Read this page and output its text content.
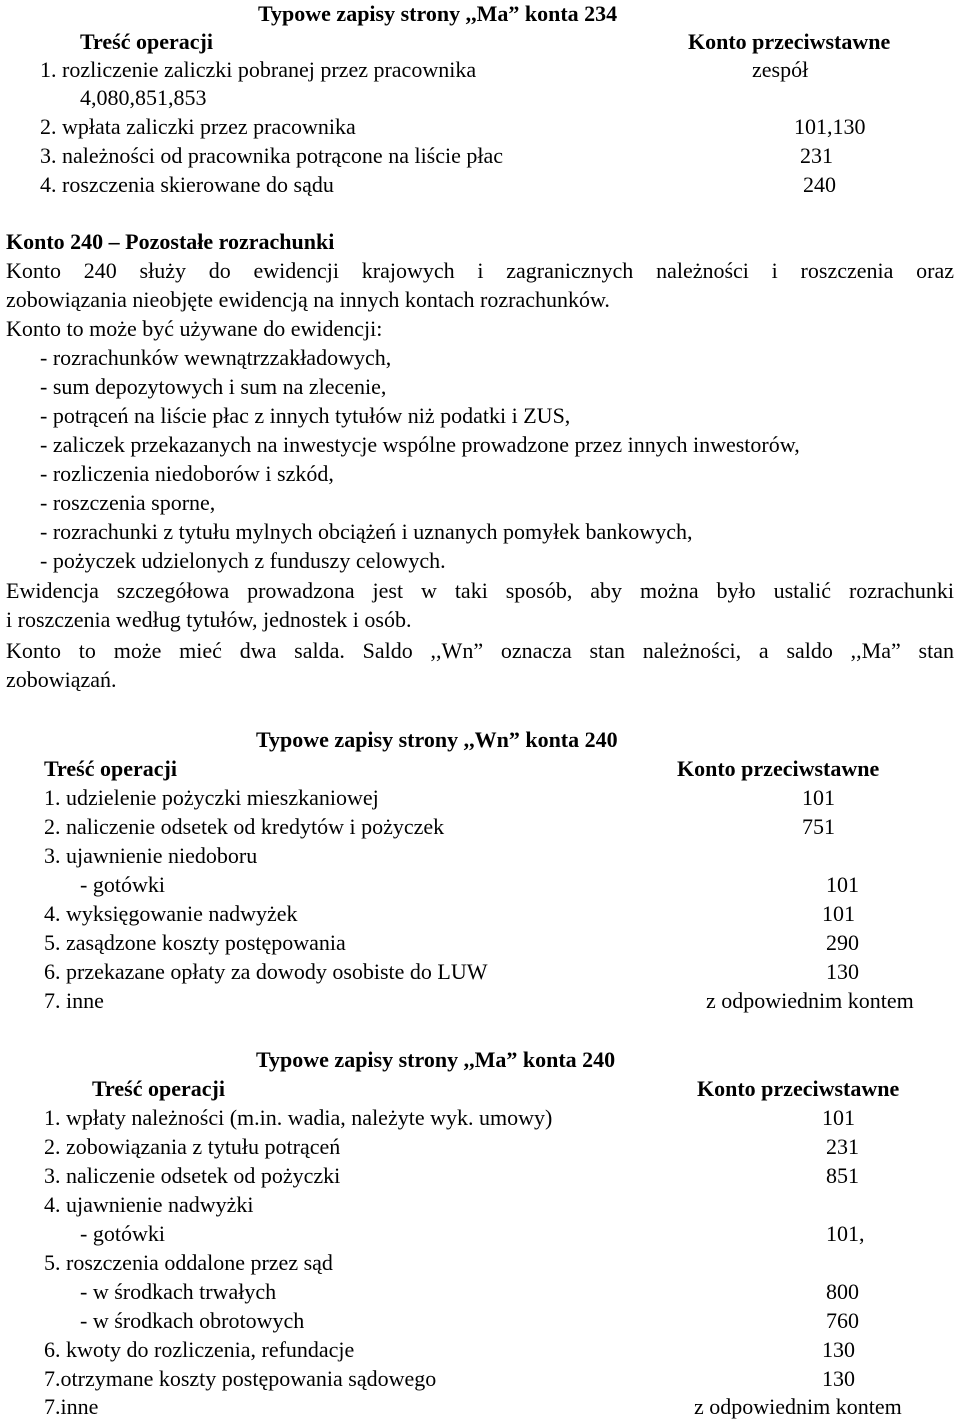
Typowe zapisy strony ,,Ma” konta 234
Treść operacji	Konto przeciwstawne
1. rozliczenie zaliczki pobranej przez pracownika	zespół
4,080,851,853
2. wpłata zaliczki przez pracownika	101,130
3. należności od pracownika potrącone na liście płac	231
4. roszczenia skierowane do sądu	240
Konto 240 – Pozostałe rozrachunki
Konto 240 służy do ewidencji krajowych i zagranicznych należności i roszczenia oraz
zobowiązania nieobjęte ewidencją na innych kontach rozrachunków.
Konto to może być używane do ewidencji:
- rozrachunków wewnątrzzakładowych,
- sum depozytowych i sum na zlecenie,
- potrąceń na liście płac z innych tytułów niż podatki i ZUS,
- zaliczek przekazanych na inwestycje wspólne prowadzone przez innych inwestorów,
- rozliczenia niedoborów i szkód,
- roszczenia sporne,
- rozrachunki z tytułu mylnych obciążeń i uznanych pomyłek bankowych,
- pożyczek udzielonych z funduszy celowych.
Ewidencja szczegółowa prowadzona jest w taki sposób, aby można było ustalić rozrachunki
i roszczenia według tytułów, jednostek i osób.
Konto to może mieć dwa salda. Saldo ,,Wn” oznacza stan należności, a saldo ,,Ma” stan
zobowiązań.
Typowe zapisy strony ,,Wn” konta 240
Treść operacji	Konto przeciwstawne
1. udzielenie pożyczki mieszkaniowej	101
2. naliczenie odsetek od kredytów i pożyczek	751
3. ujawnienie niedoboru
- gotówki	101
4. wyksięgowanie nadwyżek	101
5. zasądzone koszty postępowania	290
6. przekazane opłaty za dowody osobiste do LUW	130
7. inne	z odpowiednim kontem
Typowe zapisy strony ,,Ma” konta 240
Treść operacji	Konto przeciwstawne
1. wpłaty należności (m.in. wadia, należyte wyk. umowy)	101
2. zobowiązania z tytułu potrąceń	231
3. naliczenie odsetek od pożyczki	851
4. ujawnienie nadwyżki
- gotówki	101,
5. roszczenia oddalone przez sąd
- w środkach trwałych	800
- w środkach obrotowych	760
6. kwoty do rozliczenia, refundacje	130
7.otrzymane koszty postępowania sądowego	130
7.inne	z odpowiednim kontem
